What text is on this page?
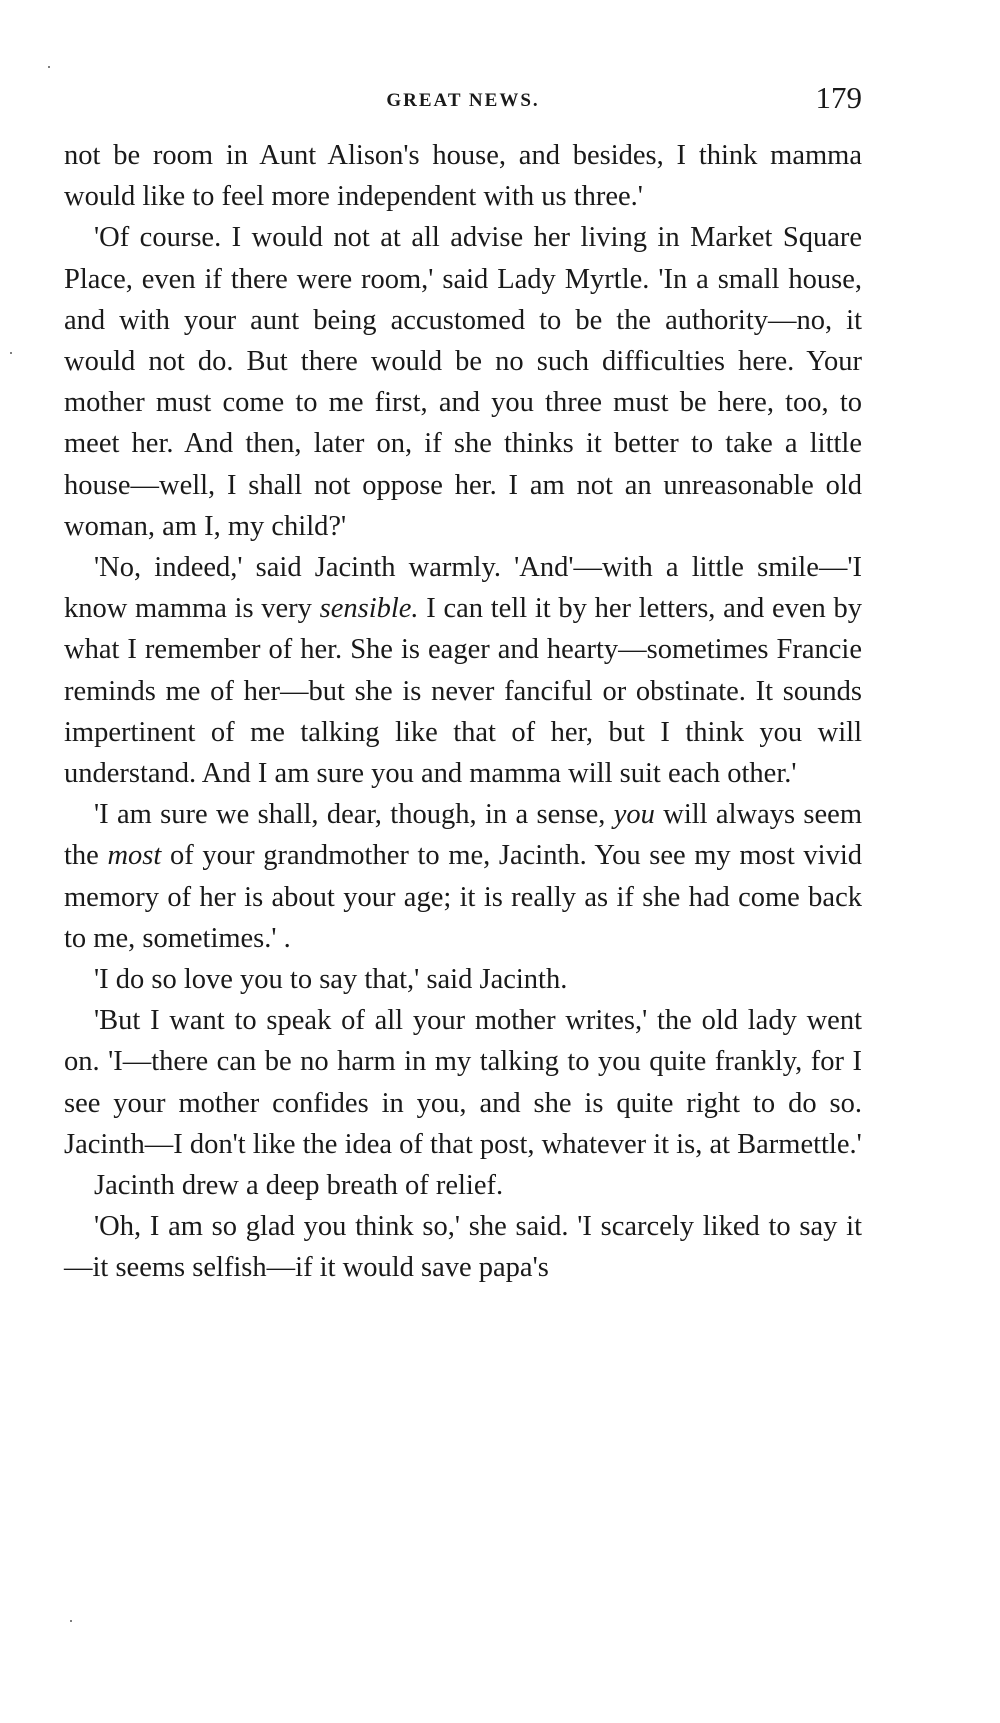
GREAT NEWS.	179

not be room in Aunt Alison's house, and besides, I think mamma would like to feel more independent with us three.'

'Of course. I would not at all advise her living in Market Square Place, even if there were room,' said Lady Myrtle. 'In a small house, and with your aunt being accustomed to be the authority—no, it would not do. But there would be no such difficulties here. Your mother must come to me first, and you three must be here, too, to meet her. And then, later on, if she thinks it better to take a little house—well, I shall not oppose her. I am not an unreasonable old woman, am I, my child?'

'No, indeed,' said Jacinth warmly. 'And'—with a little smile—'I know mamma is very sensible. I can tell it by her letters, and even by what I remember of her. She is eager and hearty—sometimes Francie reminds me of her—but she is never fanciful or obstinate. It sounds impertinent of me talking like that of her, but I think you will understand. And I am sure you and mamma will suit each other.'

'I am sure we shall, dear, though, in a sense, you will always seem the most of your grandmother to me, Jacinth. You see my most vivid memory of her is about your age; it is really as if she had come back to me, sometimes.' .

'I do so love you to say that,' said Jacinth.

'But I want to speak of all your mother writes,' the old lady went on. 'I—there can be no harm in my talking to you quite frankly, for I see your mother confides in you, and she is quite right to do so. Jacinth—I don't like the idea of that post, whatever it is, at Barmettle.'

Jacinth drew a deep breath of relief.

'Oh, I am so glad you think so,' she said. 'I scarcely liked to say it—it seems selfish—if it would save papa's
